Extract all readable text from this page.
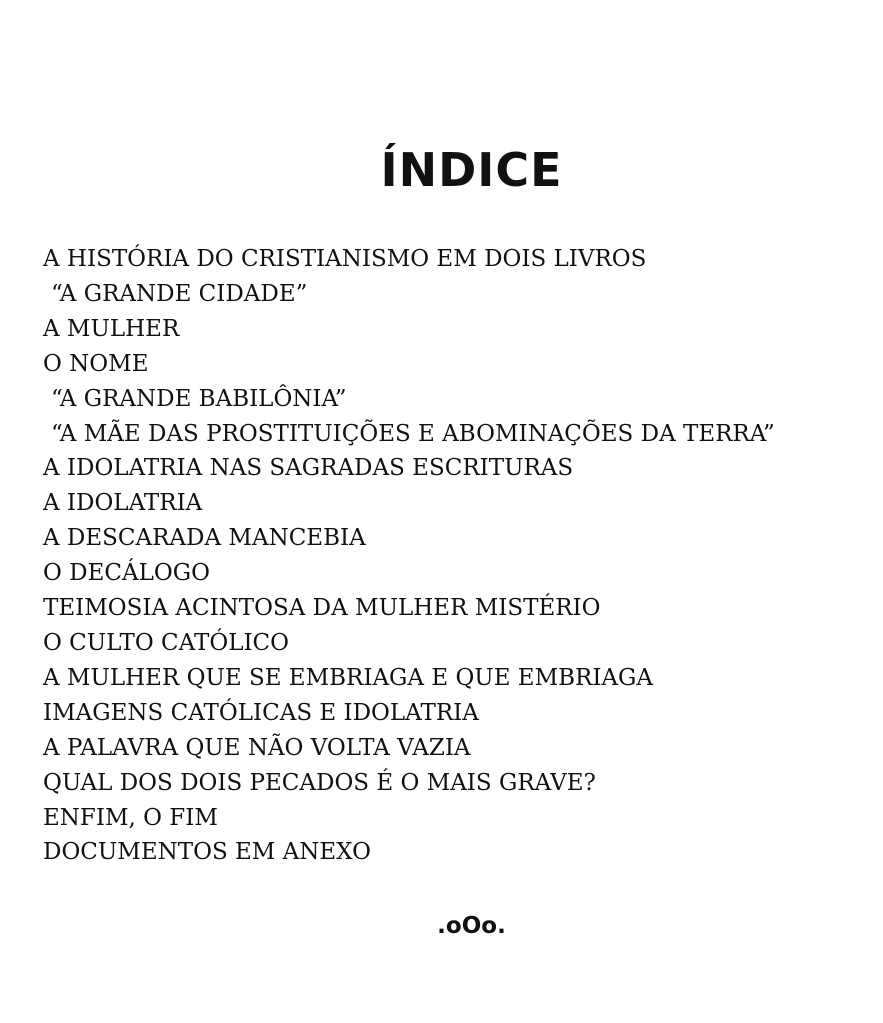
ÍNDICE
A HISTÓRIA DO CRISTIANISMO EM DOIS LIVROS
“A GRANDE CIDADE”
A MULHER
O NOME
“A GRANDE BABILÔNIA”
“A MÃE DAS PROSTITUIÇÕES E ABOMINAÇÕES DA TERRA”
A IDOLATRIA NAS SAGRADAS ESCRITURAS
A IDOLATRIA
A DESCARADA MANCEBIA
O DECÁLOGO
TEIMOSIA ACINTOSA DA MULHER MISTÉRIO
O CULTO CATÓLICO
A MULHER QUE SE EMBRIAGA E QUE EMBRIAGA
IMAGENS CATÓLICAS E IDOLATRIA
A PALAVRA QUE NÃO VOLTA VAZIA
QUAL DOS DOIS PECADOS É O MAIS GRAVE?
ENFIM, O FIM
DOCUMENTOS EM ANEXO
.oOo.
